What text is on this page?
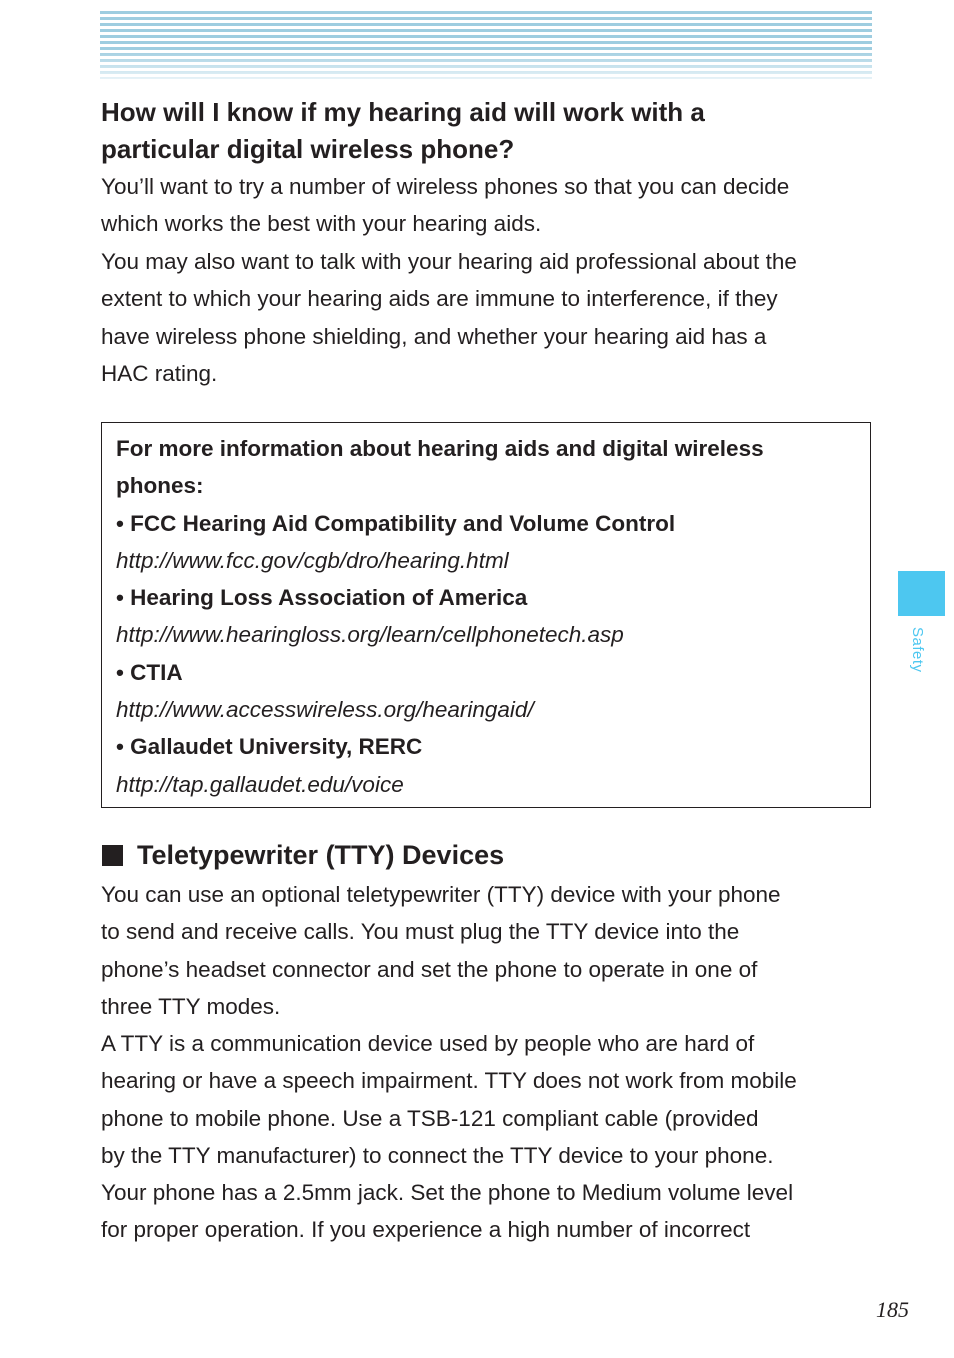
How will I know if my hearing aid will work with a
particular digital wireless phone?

You’ll want to try a number of wireless phones so that you can decide
which works the best with your hearing aids.

You may also want to talk with your hearing aid professional about the
extent to which your hearing aids are immune to interference, if they
have wireless phone shielding, and whether your hearing aid has a
HAC rating.

For more information about hearing aids and digital wireless
phones:
• FCC Hearing Aid Compatibility and Volume Control
http://www.fcc.gov/cgb/dro/hearing.html
• Hearing Loss Association of America
http://www.hearingloss.org/learn/cellphonetech.asp
• CTIA
http://www.accesswireless.org/hearingaid/
• Gallaudet University, RERC
http://tap.gallaudet.edu/voice
Teletypewriter (TTY) Devices

You can use an optional teletypewriter (TTY) device with your phone
to send and receive calls. You must plug the TTY device into the
phone’s headset connector and set the phone to operate in one of
three TTY modes.

A TTY is a communication device used by people who are hard of
hearing or have a speech impairment. TTY does not work from mobile
phone to mobile phone. Use a TSB-121 compliant cable (provided
by the TTY manufacturer) to connect the TTY device to your phone.
Your phone has a 2.5mm jack. Set the phone to Medium volume level
for proper operation. If you experience a high number of incorrect

Safety
185
